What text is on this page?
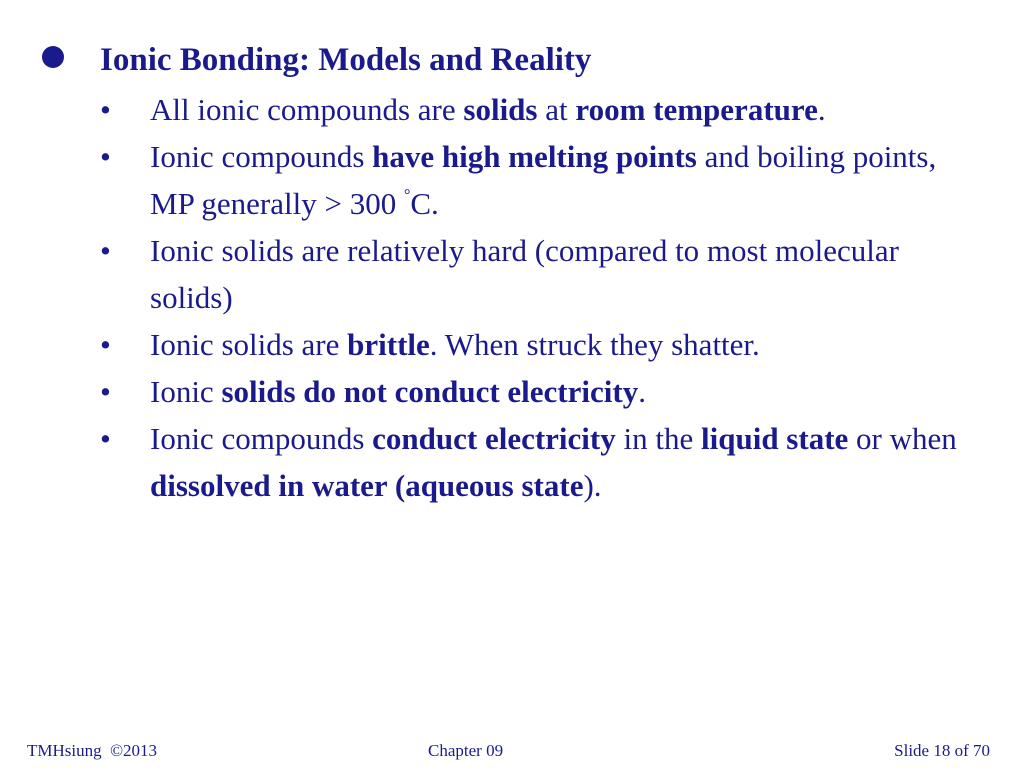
Ionic Bonding: Models and Reality
• All ionic compounds are solids at room temperature.
• Ionic compounds have high melting points and boiling points, MP generally > 300 °C.
• Ionic solids are relatively hard (compared to most molecular solids)
• Ionic solids are brittle. When struck they shatter.
• Ionic solids do not conduct electricity.
• Ionic compounds conduct electricity in the liquid state or when dissolved in water (aqueous state).
TMHsiung  ©2013	Chapter 09	Slide 18 of 70
